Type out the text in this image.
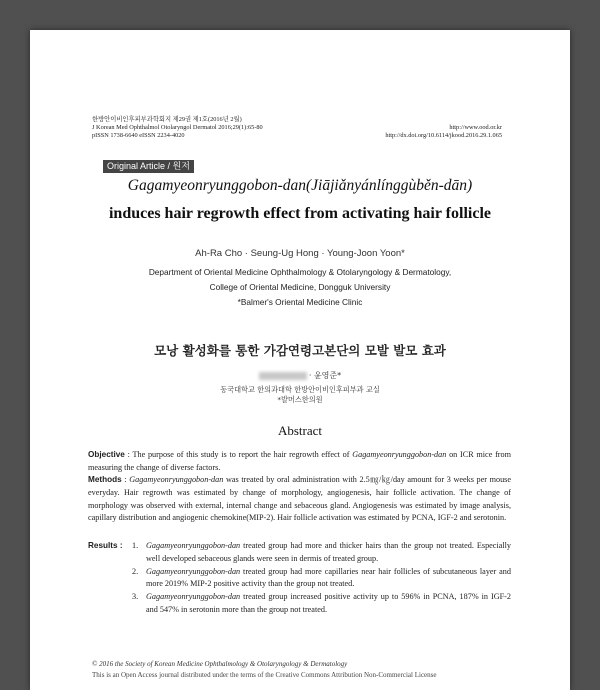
한방안이비인후피부과학회지 제29권 제1호(2016년 2월)
J Korean Med Ophthalmol Otolaryngol Dermatol 2016;29(1):65-80
pISSN 1738-6640 eISSN 2234-4020
http://www.ood.or.kr
http://dx.doi.org/10.6114/jkood.2016.29.1.065
Original Article / 원저
Gagamyeonryunggobon-dan(Jiājiǎnyánlínggùběn-dān)
induces hair regrowth effect from activating hair follicle
Ah-Ra Cho · Seung-Ug Hong · Young-Joon Yoon*
Department of Oriental Medicine Ophthalmology & Otolaryngology & Dermatology,
College of Oriental Medicine, Dongguk University
*Balmer's Oriental Medicine Clinic
모낭 활성화를 통한 가감연령고본단의 모발 발모 효과
· 윤영준*
동국대학교 한의과대학 한방안이비인후피부과 교실
*발머스한의원
Abstract
Objective : The purpose of this study is to report the hair regrowth effect of Gagamyeonryunggobon-dan on ICR mice from measuring the change of diverse factors.
Methods : Gagamyeonryunggobon-dan was treated by oral administration with 2.5㎎/㎏/day amount for 3 weeks per mouse everyday. Hair regrowth was estimated by change of morphology, angiogenesis, hair follicle activation. The change of morphology was observed with external, internal change and sebaceous gland. Angiogenesis was estimated by image analysis, capillary distribution and angiogenic chemokine(MIP-2). Hair follicle activation was estimated by PCNA, IGF-2 and serotonin.
Results : 1. Gagamyeonryunggobon-dan treated group had more and thicker hairs than the group not treated. Especially well developed sebaceous glands were seen in dermis of treated group.
2. Gagamyeonryunggobon-dan treated group had more capillaries near hair follicles of subcutaneous layer and more 2019% MIP-2 positive activity than the group not treated.
3. Gagamyeonryunggobon-dan treated group increased positive activity up to 596% in PCNA, 187% in IGF-2 and 547% in serotonin more than the group not treated.
© 2016 the Society of Korean Medicine Ophthalmology & Otolaryngology & Dermatology
This is an Open Access journal distributed under the terms of the Creative Commons Attribution Non-Commercial License
